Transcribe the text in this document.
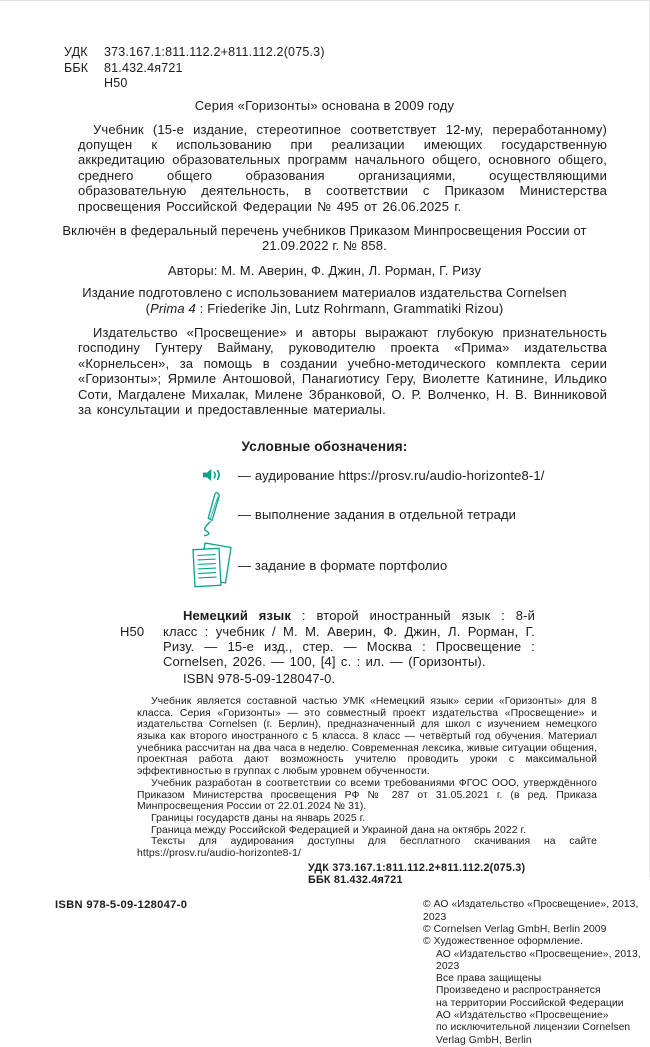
УДК	373.167.1:811.112.2+811.112.2(075.3)
ББК	81.432.4я721
Н50
Серия «Горизонты» основана в 2009 году

Учебник (15-е издание, стереотипное соответствует 12-му, переработанному) допущен к использованию при реализации имеющих государственную аккредитацию образовательных программ начального общего, основного общего, среднего общего образования организациями, осуществляющими образовательную деятельность, в соответствии с Приказом Министерства просвещения Российской Федерации № 495 от 26.06.2025 г.

Включён в федеральный перечень учебников Приказом Минпросвещения России от 21.09.2022 г. № 858.

Авторы: М. М. Аверин, Ф. Джин, Л. Рорман, Г. Ризу

Издание подготовлено с использованием материалов издательства Cornelsen
(Prima 4 : Friederike Jin, Lutz Rohrmann, Grammatiki Rizou)

Издательство «Просвещение» и авторы выражают глубокую признательность господину Гунтеру Вайману, руководителю проекта «Прима» издательства «Корнельсен», за помощь в создании учебно-методического комплекта серии «Горизонты»; Ярмиле Антошовой, Панагиотису Геру, Виолетте Катинине, Ильдико Соти, Магдалене Михалак, Милене Збранковой, О. Р. Волченко, Н. В. Винниковой за консультации и предоставленные материалы.

Условные обозначения:
— аудирование https://prosv.ru/audio-horizonte8-1/
— выполнение задания в отдельной тетради
— задание в формате портфолио
Н50
Немецкий язык : второй иностранный язык : 8-й класс : учебник / М. М. Аверин, Ф. Джин, Л. Рорман, Г. Ризу. — 15-е изд., стер. — Москва : Просвещение : Cornelsen, 2026. — 100, [4] с. : ил. — (Горизонты).
ISBN 978-5-09-128047-0.

Учебник является составной частью УМК «Немецкий язык» серии «Горизонты» для 8 класса. Серия «Горизонты» — это совместный проект издательства «Просвещение» и издательства Cornelsen (г. Берлин), предназначенный для школ с изучением немецкого языка как второго иностранного с 5 класса. 8 класс — четвёртый год обучения. Материал учебника рассчитан на два часа в неделю. Современная лексика, живые ситуации общения, проектная работа дают возможность учителю проводить уроки с максимальной эффективностью в группах с любым уровнем обученности.

Учебник разработан в соответствии со всеми требованиями ФГОС ООО, утверждённого Приказом Министерства просвещения РФ № 287 от 31.05.2021 г. (в ред. Приказа Минпросвещения России от 22.01.2024 № 31).

Границы государств даны на январь 2025 г.

Граница между Российской Федерацией и Украиной дана на октябрь 2022 г.

Тексты для аудирования доступны для бесплатного скачивания на сайте https://prosv.ru/audio-horizonte8-1/

УДК 373.167.1:811.112.2+811.112.2(075.3)
ББК 81.432.4я721
ISBN 978-5-09-128047-0	© АО «Издательство «Просвещение», 2013, 2023
© Cornelsen Verlag GmbH, Berlin 2009
© Художественное оформление.
АО «Издательство «Просвещение», 2013, 2023
Все права защищены
Произведено и распространяется
на территории Российской Федерации
АО «Издательство «Просвещение»
по исключительной лицензии Cornelsen
Verlag GmbH, Berlin
